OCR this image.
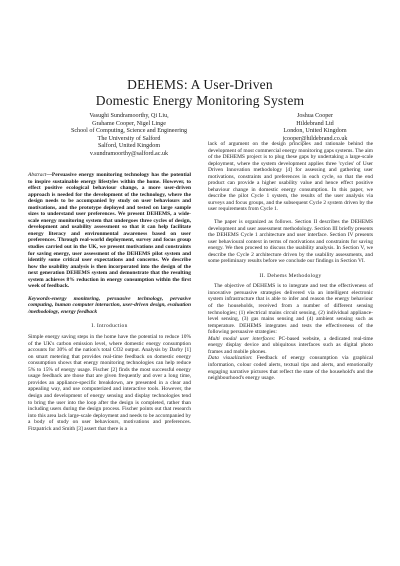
DEHEMS: A User-Driven
Domestic Energy Monitoring System
Vasughi Sundramoorthy, Qi Liu,
Grahame Cooper, Nigel Linge
School of Computing, Science and Engineering
The University of Salford
Salford, United Kingdom
v.sundramoorthy@salford.ac.uk
Joshua Cooper
Hildebrand Ltd
London, United Kingdom
jcooper@hildebrand.co.uk

Abstract—Persuasive energy monitoring technology has the potential to inspire sustainable energy lifestyles within the home. However, to effect positive ecological behaviour change, a more user-driven approach is needed for the development of the technology, where the design needs to be accompanied by study on user behaviours and motivations, and the prototype deployed and tested on large sample sizes to understand user preferences. We present DEHEMS, a wide-scale energy monitoring system that undergoes three cycles of design, development and usability assessment so that it can help facilitate energy literacy and environmental awareness based on user preferences. Through real-world deployment, survey and focus group studies carried out in the UK, we present motivations and constraints for saving energy, user assessment of the DEHEMS pilot system and identify some critical user expectations and concerns. We describe how the usability analysis is then incorporated into the design of the next generation DEHEMS system and demonstrate that the resulting system achieves 8% reduction in energy consumption within the first week of feedback.

Keywords-energy monitoring, persuasive technology, pervasive computing, human computer interaction, user-driven design, evaluation /methodology, energy feedback

I. Introduction

Simple energy saving steps in the home have the potential to reduce 10% of the UK's carbon emission level, where domestic energy consumption accounts for 30% of the nation's total CO2 output. Analysis by Darby [1] on smart metering that provides real-time feedback on domestic energy consumption shows that energy monitoring technologies can help reduce 5% to 15% of energy usage. Fischer [2] finds the most successful energy usage feedback are those that are given frequently and over a long time, provides an appliance-specific breakdown, are presented in a clear and appealing way, and use computerized and interactive tools. However, the design and development of energy sensing and display technologies tend to bring the user into the loop after the design is completed, rather than including users during the design process. Fischer points out that research into this area lack large-scale deployment and needs to be accompanied by a body of study on user behaviours, motivations and preferences. Fitzpatrick and Smith [3] assert that there is a

lack of argument on the design principles and rationale behind the development of most commercial energy monitoring gaps systems. The aim of the DEHEMS project is to plug these gaps by undertaking a large-scale deployment, where the system development applies three 'cycles' of User Driven Innovation methodology [4] for assessing and gathering user motivations, constraints and preferences in each cycle, so that the end product can provide a higher usability value and hence effect positive behaviour change in domestic energy consumption. In this paper, we describe the pilot Cycle 1 system, the results of the user analysis via surveys and focus groups, and the subsequent Cycle 2 system driven by the user requirements from Cycle 1.

The paper is organized as follows. Section II describes the DEHEMS development and user assessment methodology. Section III briefly presents the DEHEMS Cycle 1 architecture and user interface. Section IV presents user behavioural context in terms of motivations and constraints for saving energy. We then proceed to discuss the usability analysis. In Section V, we describe the Cycle 2 architecture driven by the usability assessments, and some preliminary results before we conclude our findings in Section VI.

II. Dehems Methodology

The objective of DEHEMS is to integrate and test the effectiveness of innovative persuasive strategies delivered via an intelligent electronic system infrastructure that is able to infer and reason the energy behaviour of the households, received from a number of different sensing technologies; (1) electrical mains circuit sensing, (2) individual appliance-level sensing, (3) gas mains sensing and (4) ambient sensing such as temperature. DEHEMS integrates and tests the effectiveness of the following persuasive strategies:

Multi modal user interfaces: PC-based website, a dedicated real-time energy display device and ubiquitous interfaces such as digital photo frames and mobile phones.

Data visualization: Feedback of energy consumption via graphical information, colour coded alerts, textual tips and alerts, and emotionally engaging narrative pictures that reflect the state of the household's and the neighbourhood's energy usage.
